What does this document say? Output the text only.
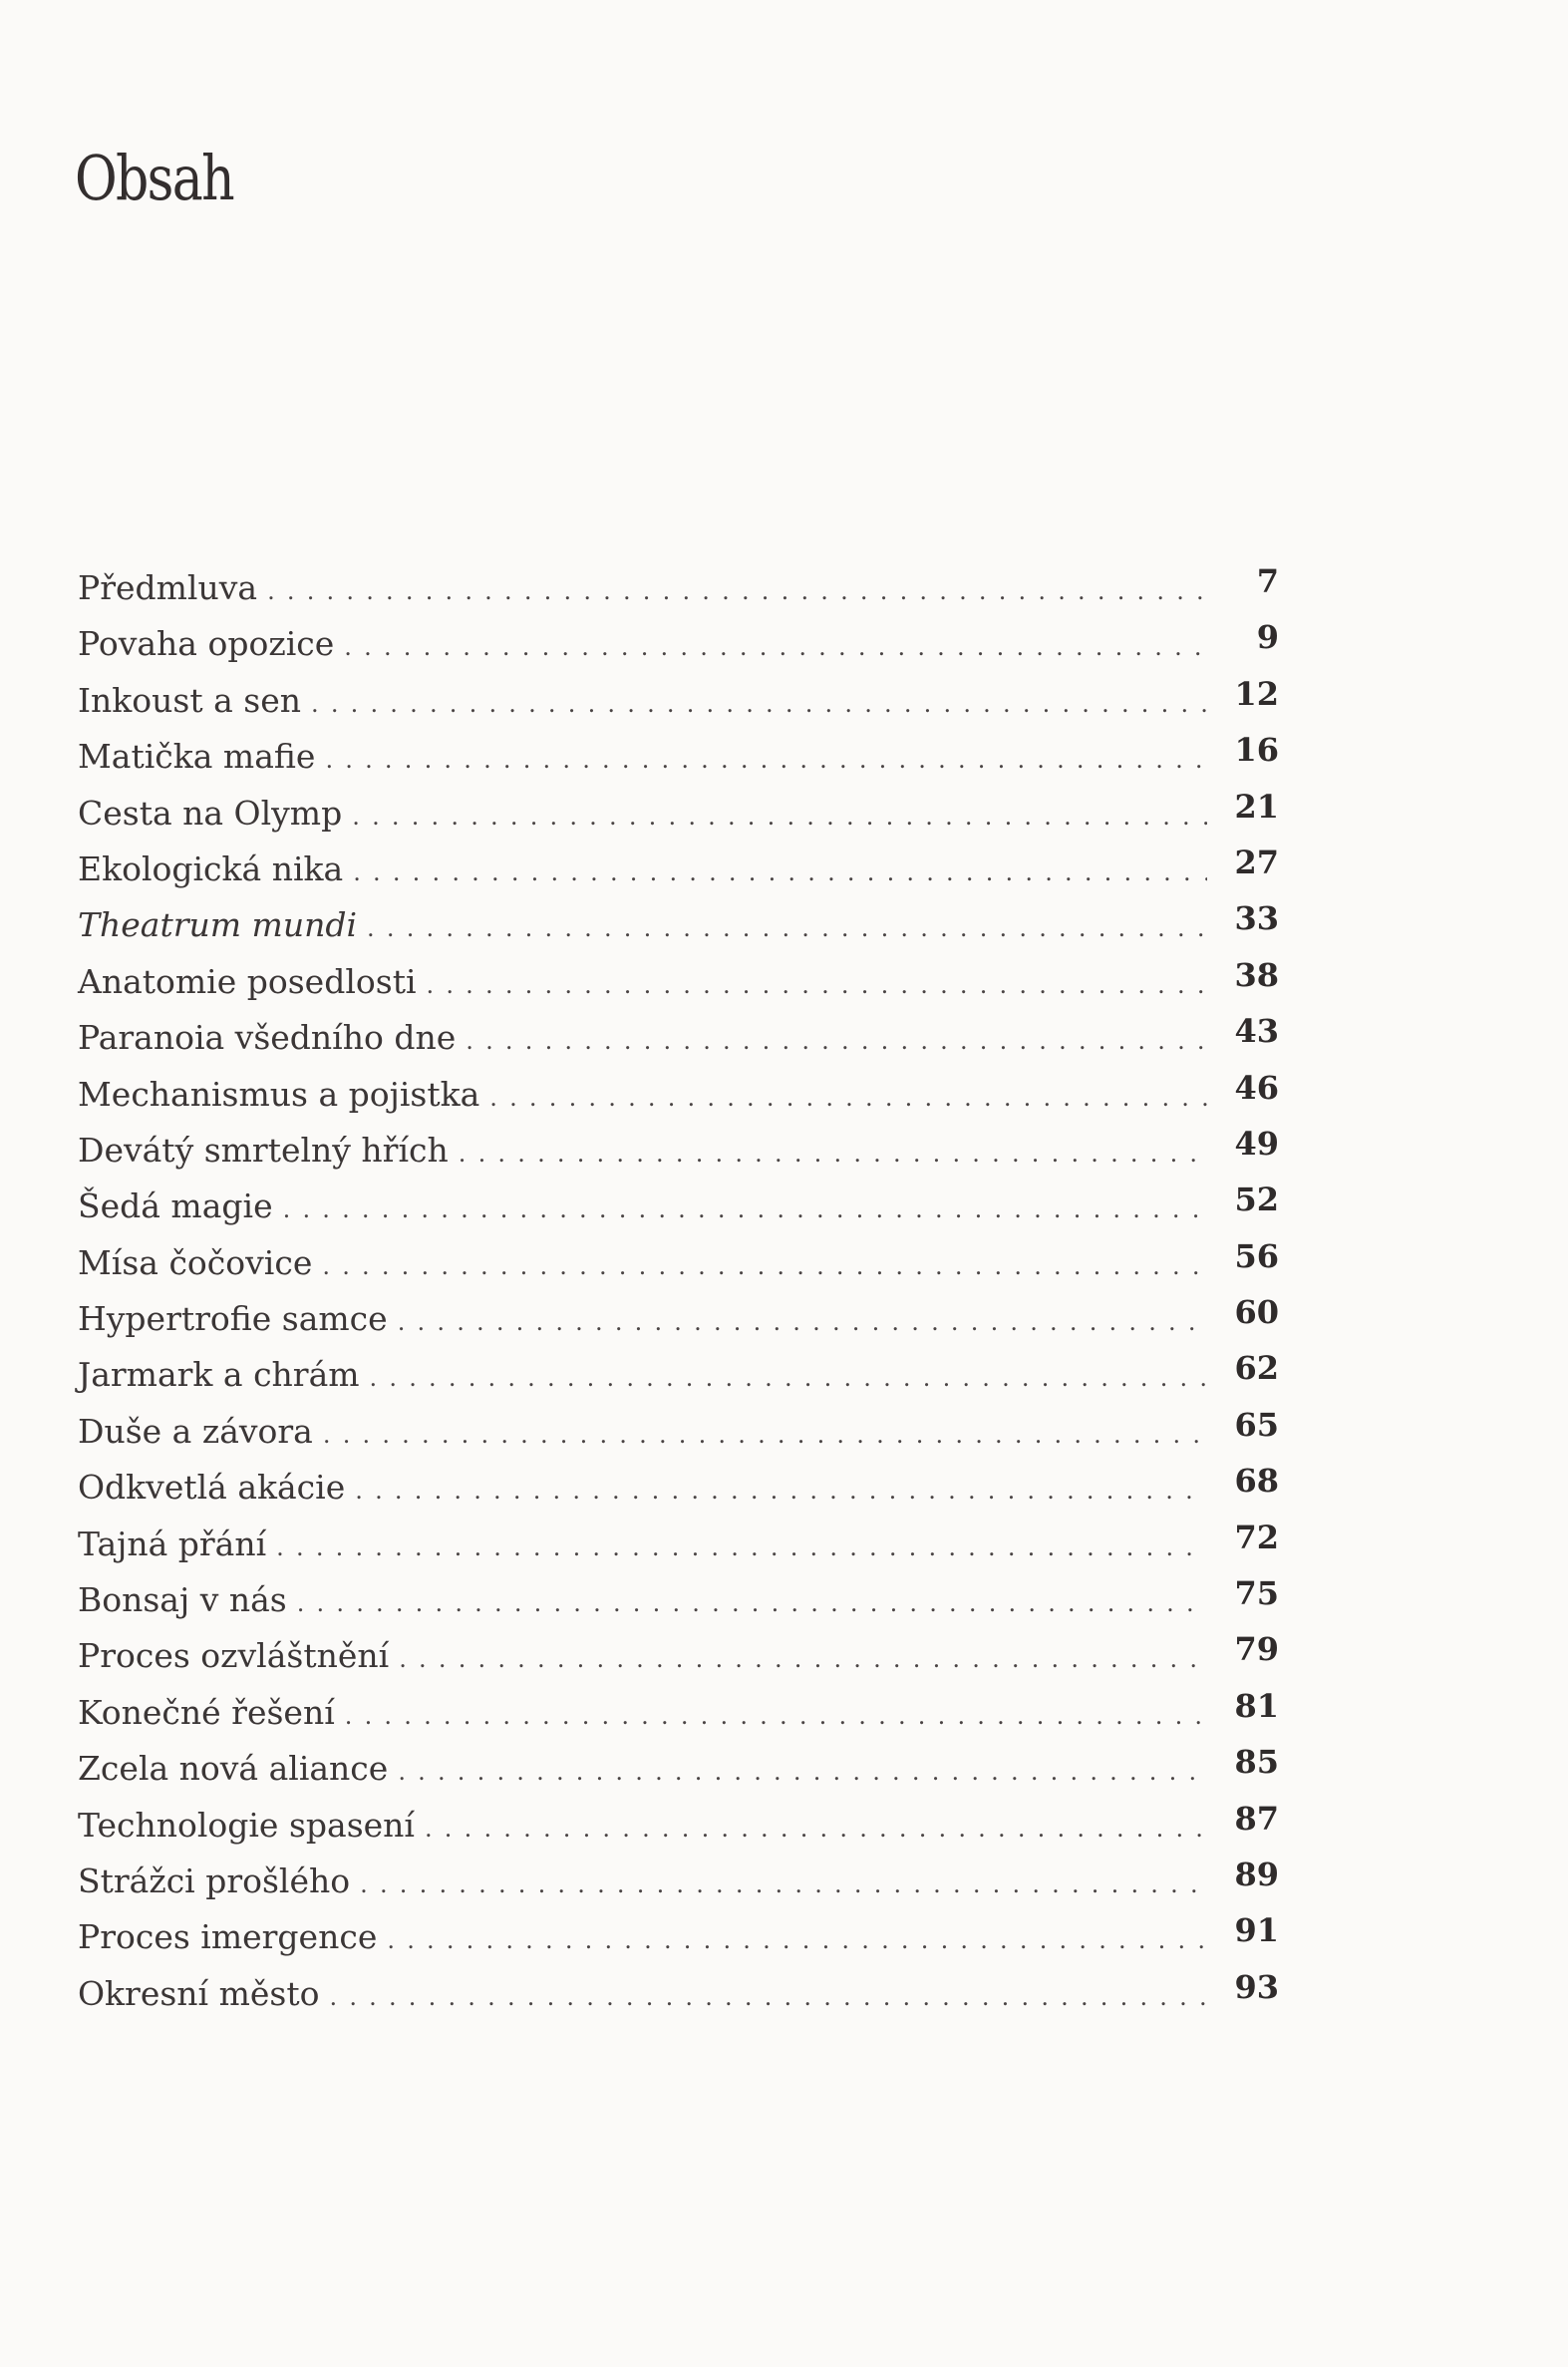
Obsah
Předmluva .....	7
Povaha opozice .....	9
Inkoust a sen .....	12
Matička mafie .....	16
Cesta na Olymp .....	21
Ekologická nika .....	27
Theatrum mundi .....	33
Anatomie posedlosti .....	38
Paranoia všedního dne .....	43
Mechanismus a pojistka .....	46
Devátý smrtelný hřích .....	49
Šedá magie .....	52
Mísa čočovice .....	56
Hypertrofie samce .....	60
Jarmark a chrám .....	62
Duše a závora .....	65
Odkvetlá akácie .....	68
Tajná přání .....	72
Bonsaj v nás .....	75
Proces ozvláštnění .....	79
Konečné řešení .....	81
Zcela nová aliance .....	85
Technologie spasení .....	87
Strážci prošlého .....	89
Proces imergence .....	91
Okresní město .....	93
